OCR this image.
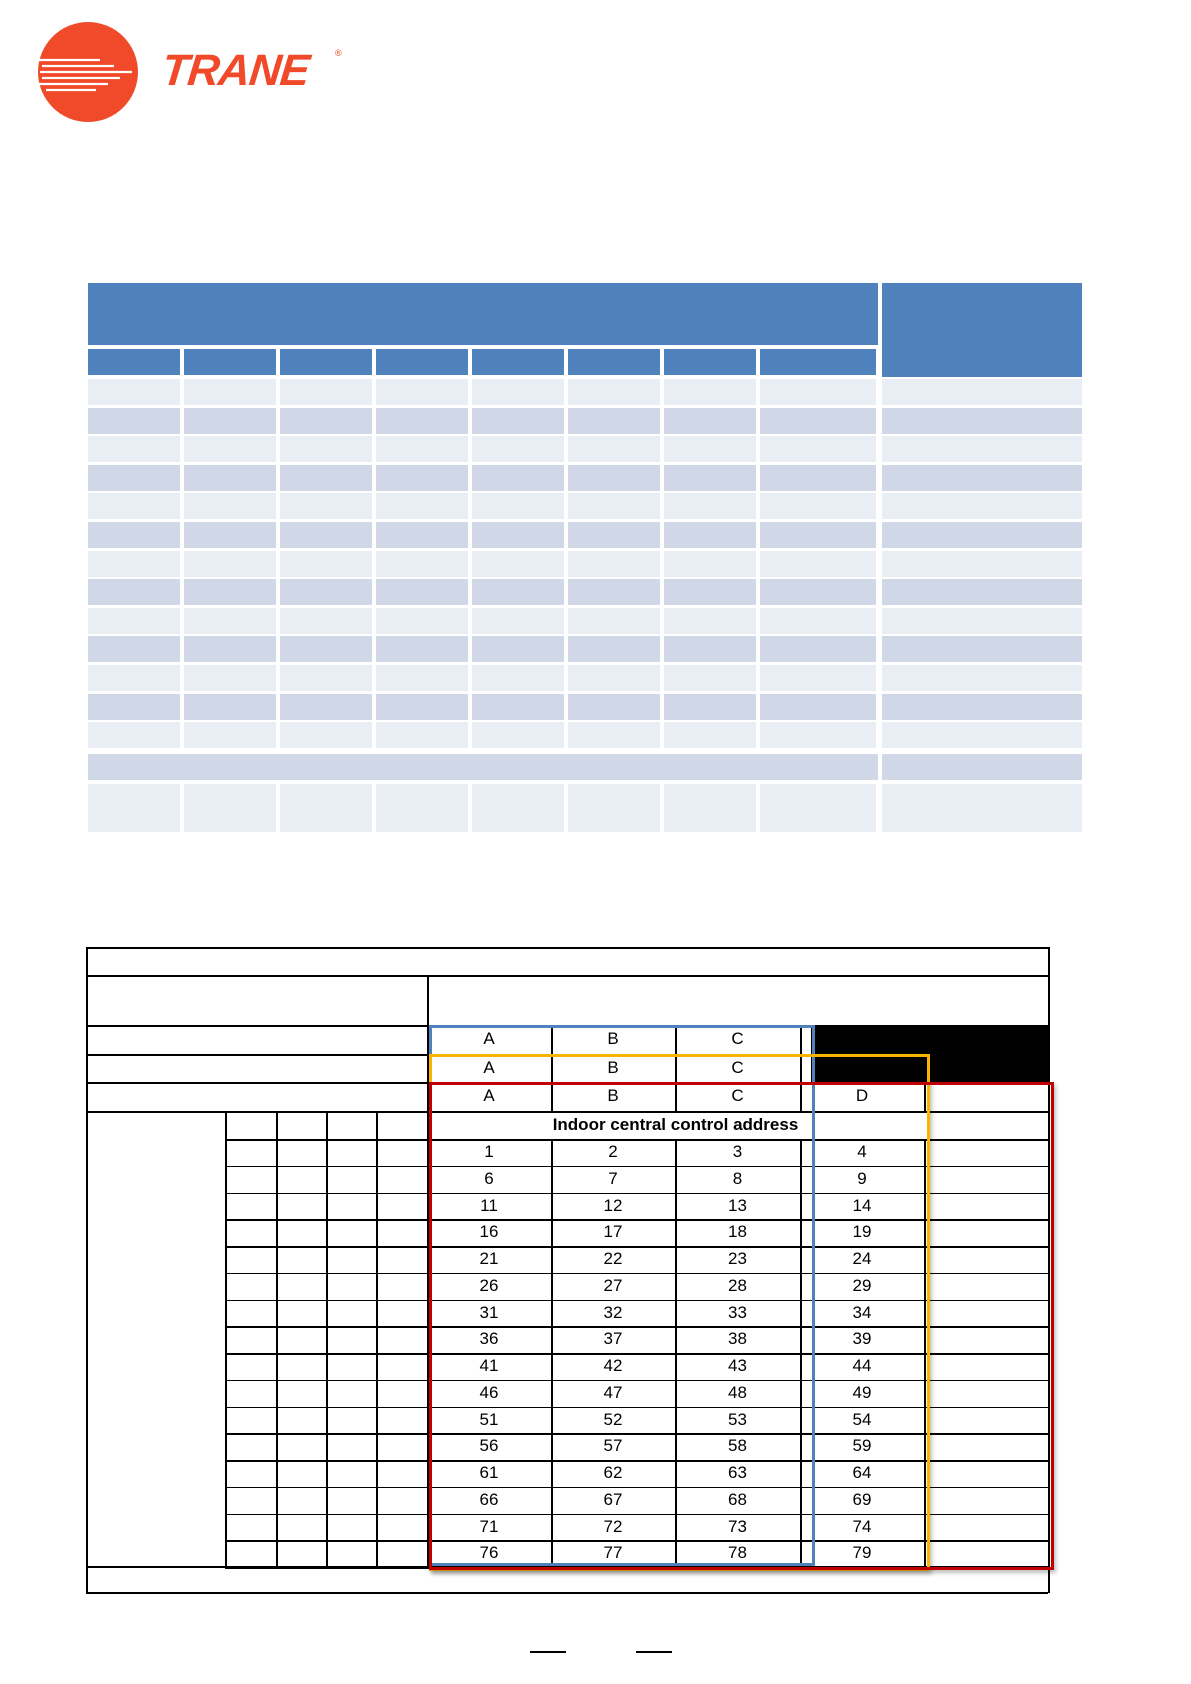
TRANE	®
A	B	C
A	B	C	D
A	B	C	D
Indoor central control address
1	2	3	4
6	7	8	9
11	12	13	14
16	17	18	19
21	22	23	24
26	27	28	29
31	32	33	34
36	37	38	39
41	42	43	44
46	47	48	49
51	52	53	54
56	57	58	59
61	62	63	64
66	67	68	69
71	72	73	74
76	77	78	79
